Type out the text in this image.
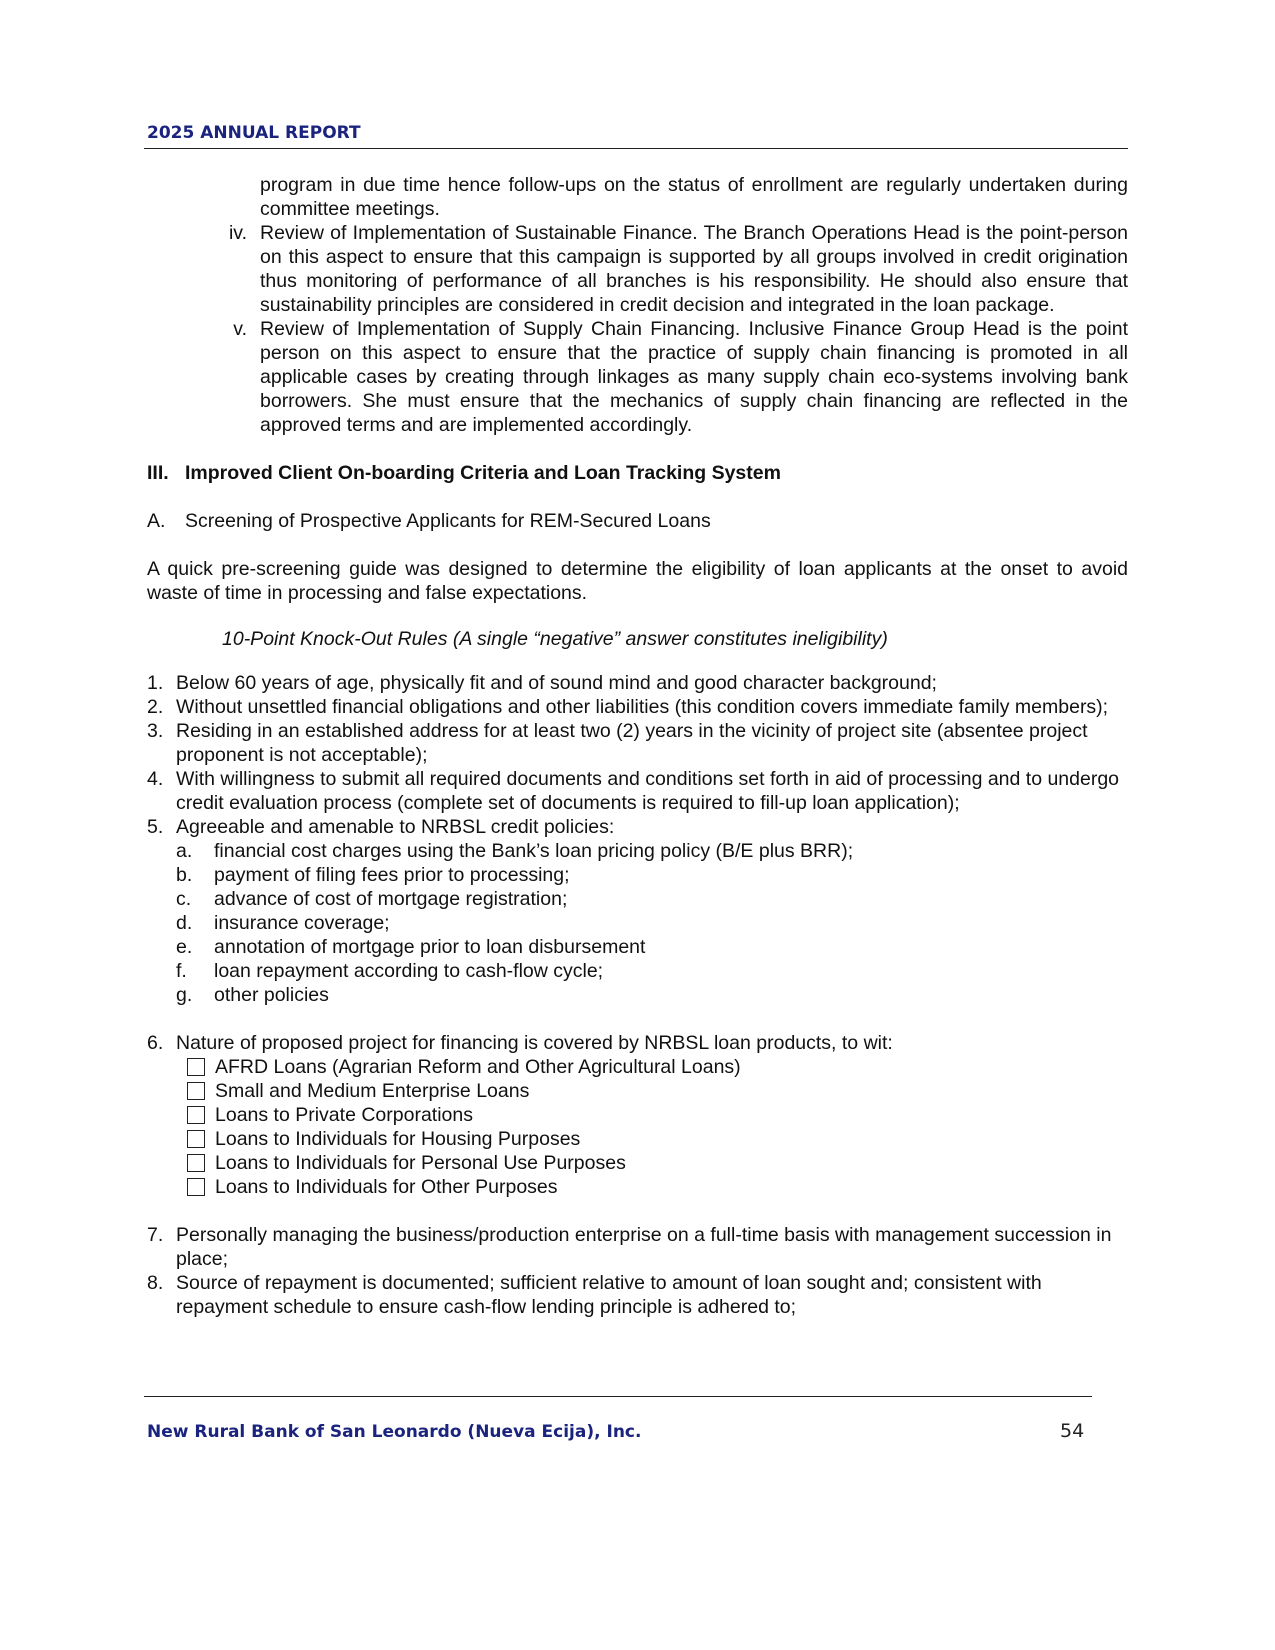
2025 ANNUAL REPORT
program in due time hence follow-ups on the status of enrollment are regularly undertaken during committee meetings.
iv. Review of Implementation of Sustainable Finance. The Branch Operations Head is the point-person on this aspect to ensure that this campaign is supported by all groups involved in credit origination thus monitoring of performance of all branches is his responsibility. He should also ensure that sustainability principles are considered in credit decision and integrated in the loan package.
v. Review of Implementation of Supply Chain Financing. Inclusive Finance Group Head is the point person on this aspect to ensure that the practice of supply chain financing is promoted in all applicable cases by creating through linkages as many supply chain eco-systems involving bank borrowers. She must ensure that the mechanics of supply chain financing are reflected in the approved terms and are implemented accordingly.
III. Improved Client On-boarding Criteria and Loan Tracking System
A.	Screening of Prospective Applicants for REM-Secured Loans
A quick pre-screening guide was designed to determine the eligibility of loan applicants at the onset to avoid waste of time in processing and false expectations.
10-Point Knock-Out Rules (A single “negative” answer constitutes ineligibility)
1. Below 60 years of age, physically fit and of sound mind and good character background;
2. Without unsettled financial obligations and other liabilities (this condition covers immediate family members);
3. Residing in an established address for at least two (2) years in the vicinity of project site (absentee project proponent is not acceptable);
4. With willingness to submit all required documents and conditions set forth in aid of processing and to undergo credit evaluation process (complete set of documents is required to fill-up loan application);
5. Agreeable and amenable to NRBSL credit policies:
a.	financial cost charges using the Bank’s loan pricing policy (B/E plus BRR);
b.	payment of filing fees prior to processing;
c.	advance of cost of mortgage registration;
d.	insurance coverage;
e.	annotation of mortgage prior to loan disbursement
f.	loan repayment according to cash-flow cycle;
g.	other policies
6. Nature of proposed project for financing is covered by NRBSL loan products, to wit:
AFRD Loans (Agrarian Reform and Other Agricultural Loans)
Small and Medium Enterprise Loans
Loans to Private Corporations
Loans to Individuals for Housing Purposes
Loans to Individuals for Personal Use Purposes
Loans to Individuals for Other Purposes
7. Personally managing the business/production enterprise on a full-time basis with management succession in place;
8. Source of repayment is documented; sufficient relative to amount of loan sought and; consistent with repayment schedule to ensure cash-flow lending principle is adhered to;
New Rural Bank of San Leonardo (Nueva Ecija), Inc.	54
